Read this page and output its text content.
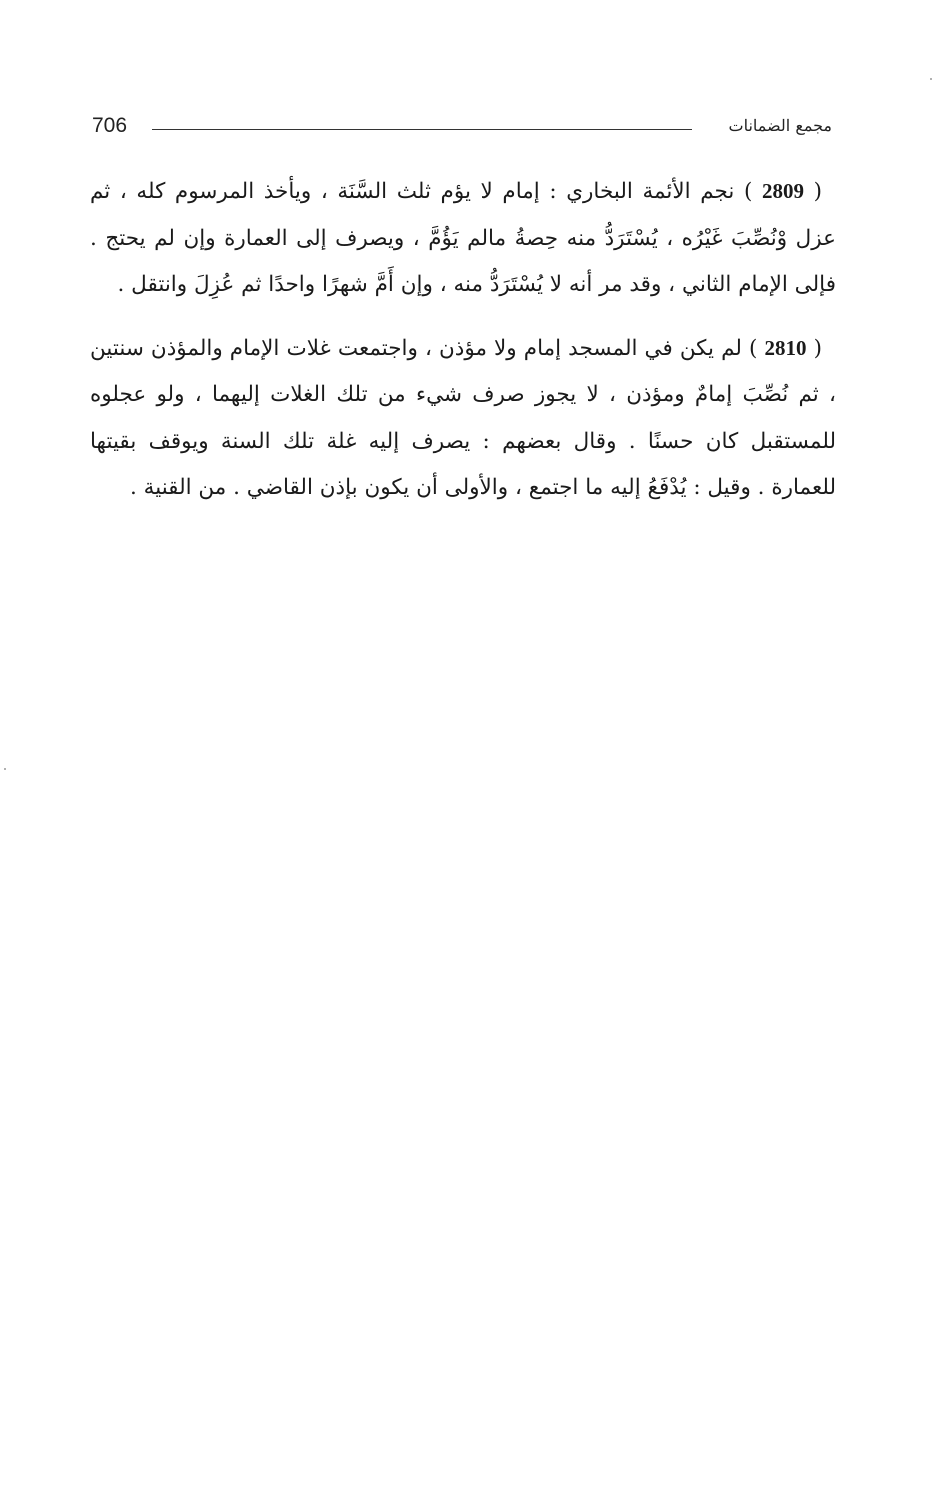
706	مجمع الضمانات

( 2809 ) نجم الأئمة البخاري : إمام لا يؤم ثلث السَّنَة ، ويأخذ المرسوم كله ، ثم عزل وْنُصِّبَ غَيْرُه ، يُسْتَرَدُّ منه حِصةُ مالم يَؤُمَّ ، ويصرف إلى العمارة وإن لم يحتج . فإلى الإمام الثاني ، وقد مر أنه لا يُسْتَرَدُّ منه ، وإن أَمَّ شهرًا واحدًا ثم عُزِلَ وانتقل .

( 2810 ) لم يكن في المسجد إمام ولا مؤذن ، واجتمعت غلات الإمام والمؤذن سنتين ، ثم نُصِّبَ إمامٌ ومؤذن ، لا يجوز صرف شيء من تلك الغلات إليهما ، ولو عجلوه للمستقبل كان حسنًا . وقال بعضهم : يصرف إليه غلة تلك السنة ويوقف بقيتها للعمارة . وقيل : يُدْفَعُ إليه ما اجتمع ، والأولى أن يكون بإذن القاضي . من القنية .
